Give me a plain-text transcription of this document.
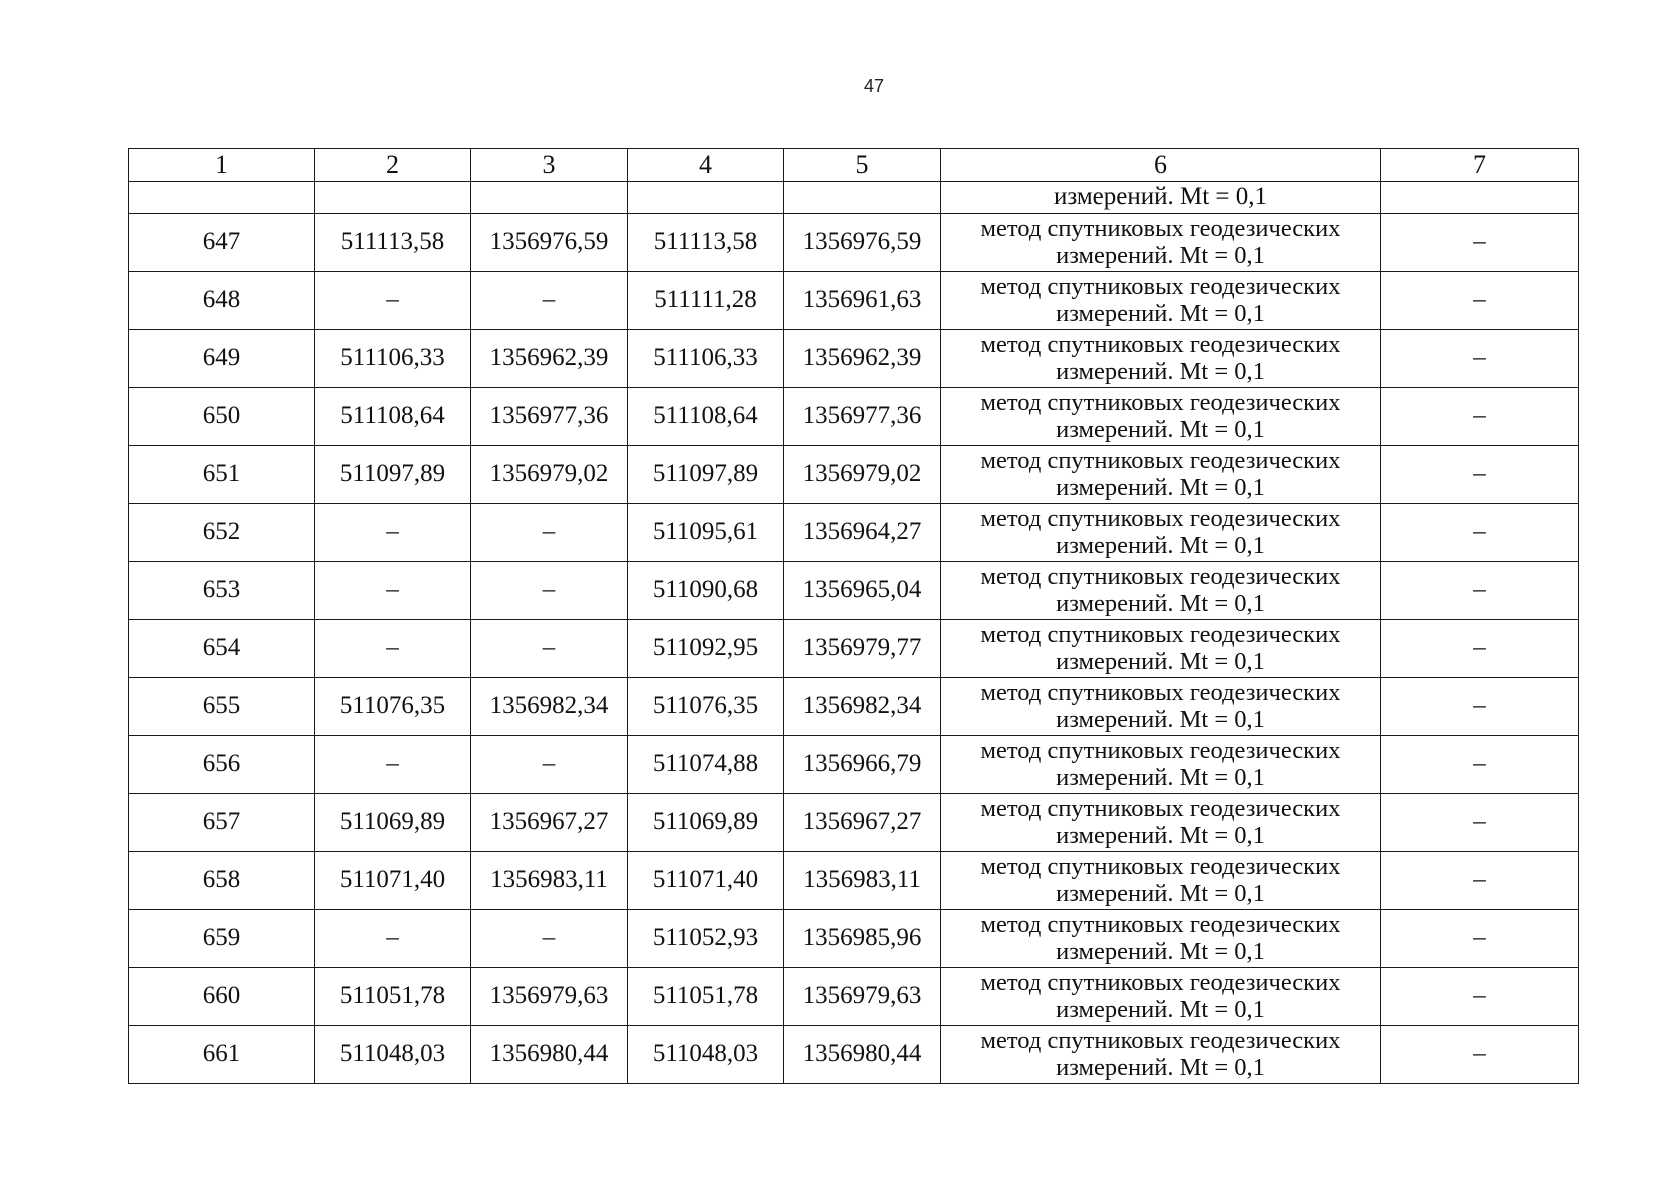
47
1	2	3	4	5	6	7
					измерений. Mt = 0,1	
647	511113,58	1356976,59	511113,58	1356976,59	метод спутниковых геодезических
измерений. Mt = 0,1	–
648	–	–	511111,28	1356961,63	метод спутниковых геодезических
измерений. Mt = 0,1	–
649	511106,33	1356962,39	511106,33	1356962,39	метод спутниковых геодезических
измерений. Mt = 0,1	–
650	511108,64	1356977,36	511108,64	1356977,36	метод спутниковых геодезических
измерений. Mt = 0,1	–
651	511097,89	1356979,02	511097,89	1356979,02	метод спутниковых геодезических
измерений. Mt = 0,1	–
652	–	–	511095,61	1356964,27	метод спутниковых геодезических
измерений. Mt = 0,1	–
653	–	–	511090,68	1356965,04	метод спутниковых геодезических
измерений. Mt = 0,1	–
654	–	–	511092,95	1356979,77	метод спутниковых геодезических
измерений. Mt = 0,1	–
655	511076,35	1356982,34	511076,35	1356982,34	метод спутниковых геодезических
измерений. Mt = 0,1	–
656	–	–	511074,88	1356966,79	метод спутниковых геодезических
измерений. Mt = 0,1	–
657	511069,89	1356967,27	511069,89	1356967,27	метод спутниковых геодезических
измерений. Mt = 0,1	–
658	511071,40	1356983,11	511071,40	1356983,11	метод спутниковых геодезических
измерений. Mt = 0,1	–
659	–	–	511052,93	1356985,96	метод спутниковых геодезических
измерений. Mt = 0,1	–
660	511051,78	1356979,63	511051,78	1356979,63	метод спутниковых геодезических
измерений. Mt = 0,1	–
661	511048,03	1356980,44	511048,03	1356980,44	метод спутниковых геодезических
измерений. Mt = 0,1	–
